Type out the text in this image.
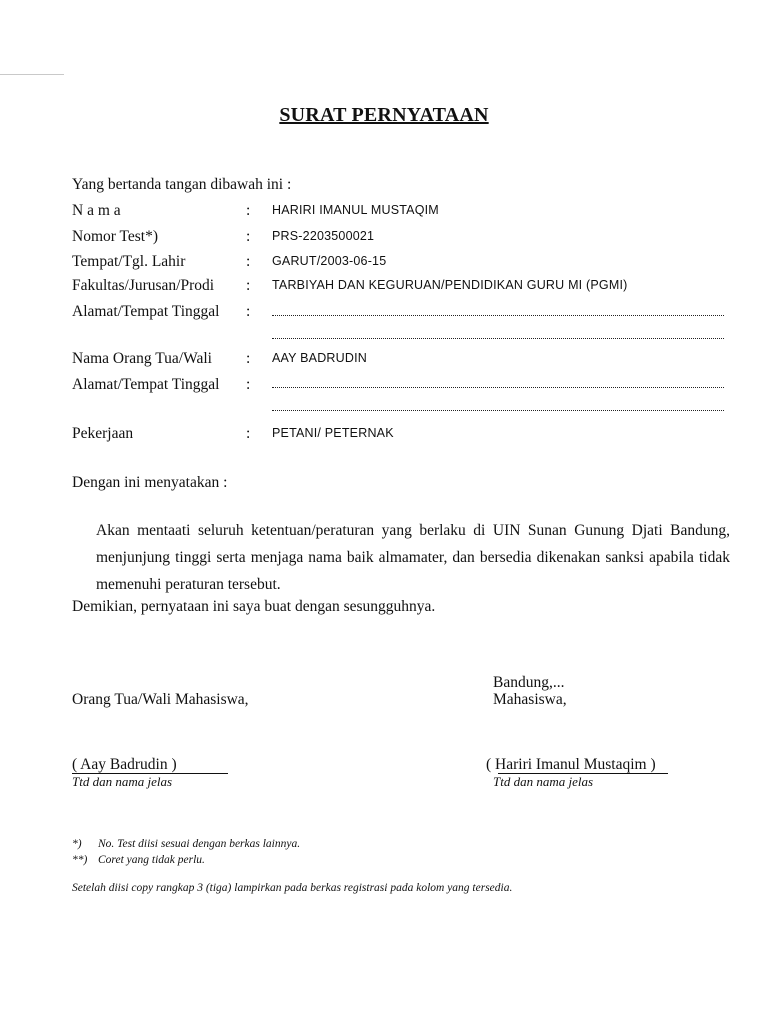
SURAT PERNYATAAN
Yang bertanda tangan dibawah ini :
N a m a	: HARIRI IMANUL MUSTAQIM
Nomor Test*)	: PRS-2203500021
Tempat/Tgl. Lahir	: GARUT/2003-06-15
Fakultas/Jurusan/Prodi : TARBIYAH DAN KEGURUAN/PENDIDIKAN GURU MI (PGMI)
Alamat/Tempat Tinggal :
Nama Orang Tua/Wali : AAY BADRUDIN
Alamat/Tempat Tinggal :
Pekerjaan	: PETANI/ PETERNAK
Dengan ini menyatakan :
Akan mentaati seluruh ketentuan/peraturan yang berlaku di UIN Sunan Gunung Djati Bandung, menjunjung tinggi serta menjaga nama baik almamater, dan bersedia dikenakan sanksi apabila tidak memenuhi peraturan tersebut.
Demikian, pernyataan ini saya buat dengan sesungguhnya.
Bandung,...
Orang Tua/Wali Mahasiswa,	Mahasiswa,
( Aay Badrudin )	( Hariri Imanul Mustaqim )
Ttd dan nama jelas	Ttd dan nama jelas
*) No. Test diisi sesuai dengan berkas lainnya.
**) Coret yang tidak perlu.
Setelah diisi copy rangkap 3 (tiga) lampirkan pada berkas registrasi pada kolom yang tersedia.
